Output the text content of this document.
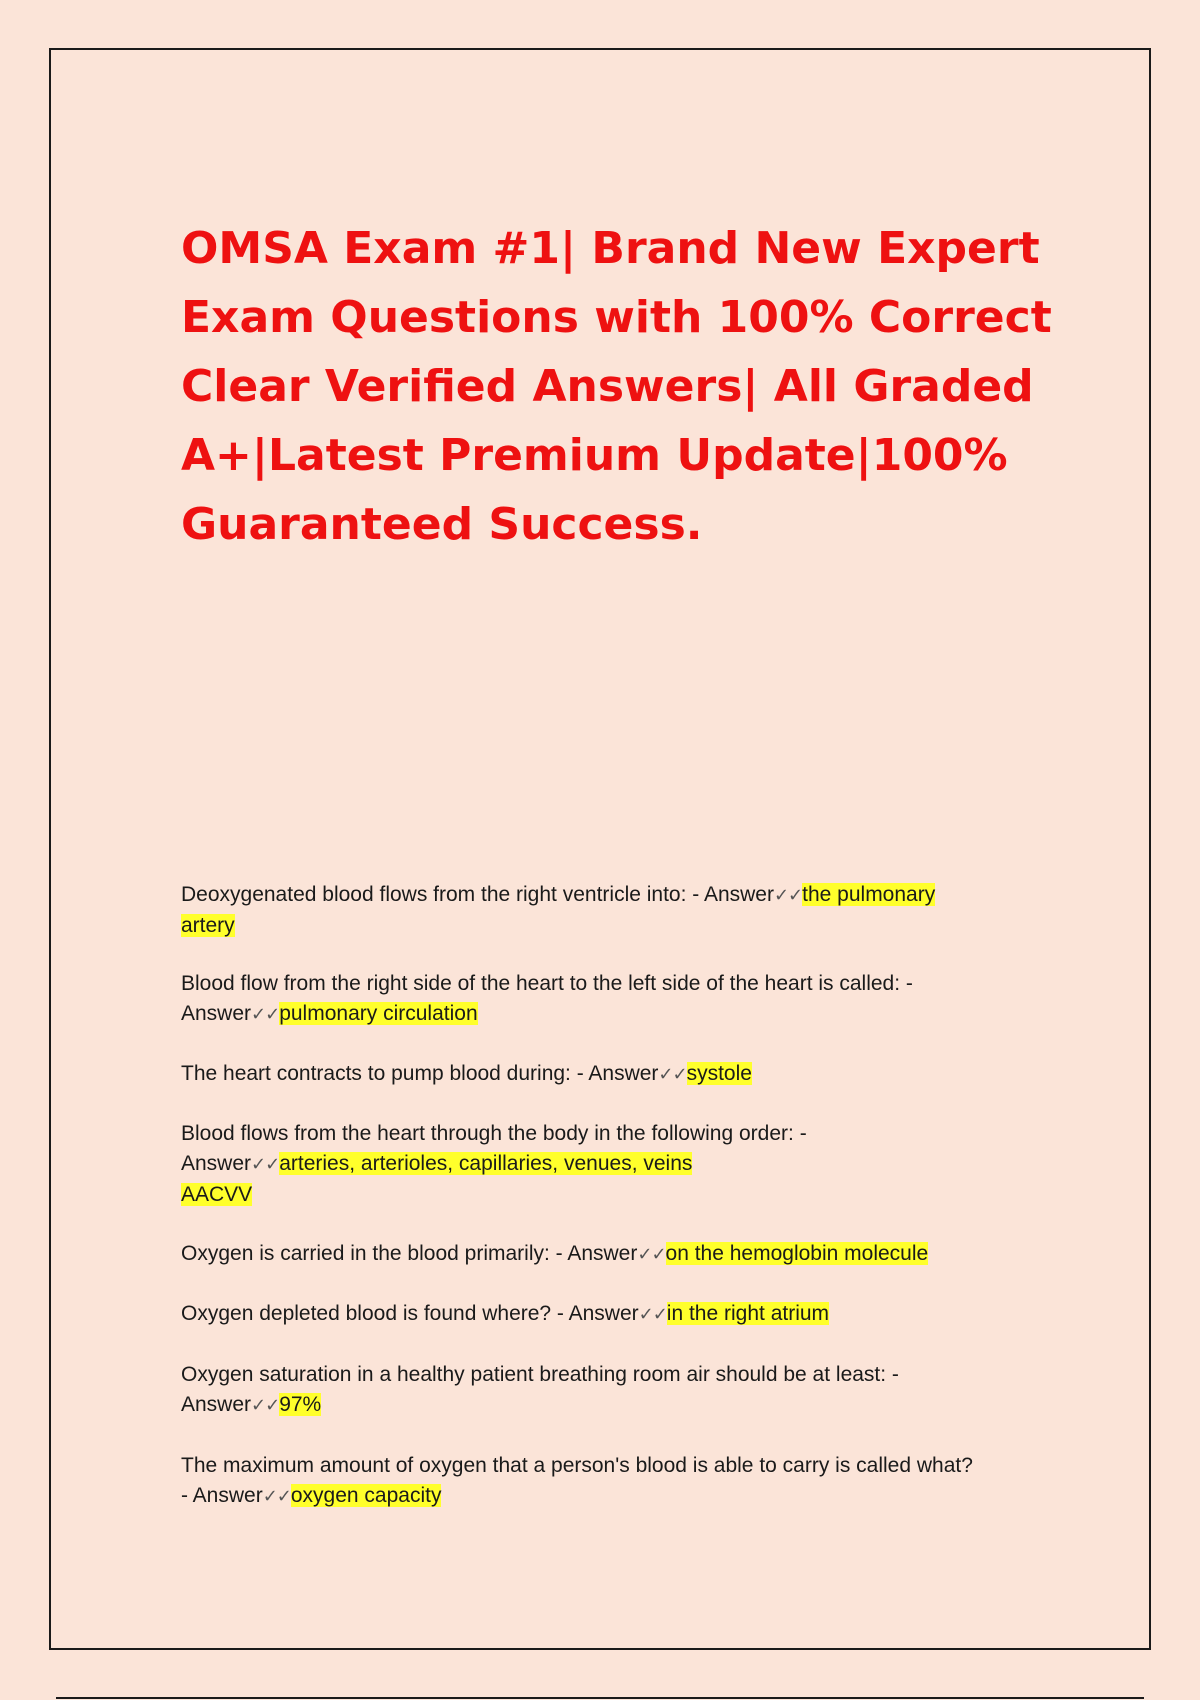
OMSA Exam #1| Brand New Expert
Exam Questions with 100% Correct
Clear Verified Answers| All Graded
A+|Latest Premium Update|100%
Guaranteed Success.
Deoxygenated blood flows from the right ventricle into: - Answer✓✓the pulmonary
artery
Blood flow from the right side of the heart to the left side of the heart is called: -
Answer✓✓pulmonary circulation
The heart contracts to pump blood during: - Answer✓✓systole
Blood flows from the heart through the body in the following order: -
Answer✓✓arteries, arterioles, capillaries, venues, veins
AACVV
Oxygen is carried in the blood primarily: - Answer✓✓on the hemoglobin molecule
Oxygen depleted blood is found where? - Answer✓✓in the right atrium
Oxygen saturation in a healthy patient breathing room air should be at least: -
Answer✓✓97%
The maximum amount of oxygen that a person's blood is able to carry is called what?
- Answer✓✓oxygen capacity
